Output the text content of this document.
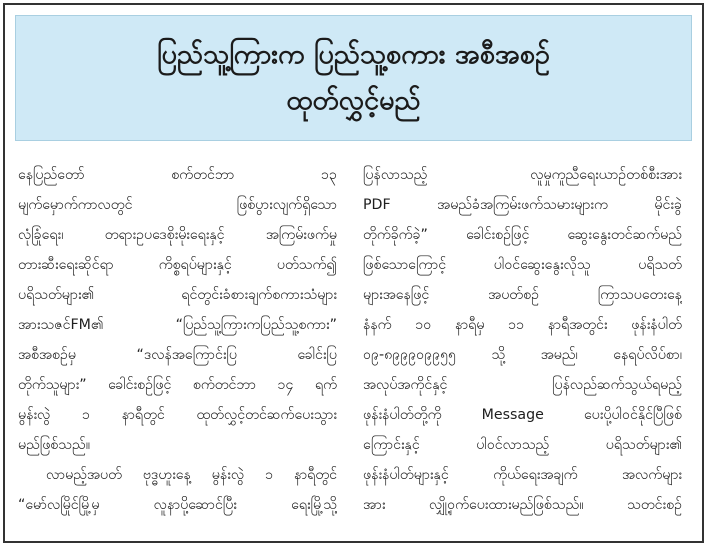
ပြည်သူ့ကြားက ပြည်သူ့စကား အစီအစဉ်
ထုတ်လွှင့်မည်
နေပြည်တော် စက်တင်ဘာ ၁၃
မျက်မှောက်ကာလတွင် ဖြစ်ပွားလျက်ရှိသော
လုံခြုံရေး၊ တရားဥပဒေစိုးမိုးရေးနှင့် အကြမ်းဖက်မှု
တားဆီးရေးဆိုင်ရာ ကိစ္စရပ်များနှင့် ပတ်သက်၍
ပရိသတ်များ၏ ရင်တွင်းခံစားချက်စကားသံများ
အားသဇင်FM၏ “ပြည်သူ့ကြားကပြည်သူ့စကား”
အစီအစဉ်မှ “ဒလန်အကြောင်းပြ ခေါင်းပြ
တိုက်သူများ” ခေါင်းစဉ်ဖြင့် စက်တင်ဘာ ၁၄ ရက်
မွန်းလွဲ ၁ နာရီတွင် ထုတ်လွှင့်တင်ဆက်ပေးသွား
မည်ဖြစ်သည်။
လာမည့်အပတ် ဗုဒ္ဓဟူးနေ့ မွန်းလွဲ ၁ နာရီတွင်
“မော်လမြိုင်မြို့မှ လူနာပို့ဆောင်ပြီး ရေးမြို့သို့
ပြန်လာသည့် လူမှုကူညီရေးယာဉ်တစ်စီးအား
PDF အမည်ခံအကြမ်းဖက်သမားများက မိုင်းခွဲ
တိုက်ခိုက်ခဲ့” ခေါင်းစဉ်ဖြင့် ဆွေးနွေးတင်ဆက်မည်
ဖြစ်သောကြောင့် ပါဝင်ဆွေးနွေးလိုသူ ပရိသတ်
များအနေဖြင့် အပတ်စဉ် ကြာသပတေးနေ့
နံနက် ၁၀ နာရီမှ ၁၁ နာရီအတွင်း ဖုန်းနံပါတ်
၀၉-၈၉၉၉၀၉၉၅၅ သို့ အမည်၊ နေရပ်လိပ်စာ၊
အလုပ်အကိုင်နှင့် ပြန်လည်ဆက်သွယ်ရမည့်
ဖုန်းနံပါတ်တို့ကို Message ပေးပို့ပါဝင်နိုင်ပြီဖြစ်
ကြောင်းနှင့် ပါဝင်လာသည့် ပရိသတ်များ၏
ဖုန်းနံပါတ်များနှင့် ကိုယ်ရေးအချက် အလက်များ
အား လျှို့ဝှက်ပေးထားမည်ဖြစ်သည်။ သတင်းစဉ်
